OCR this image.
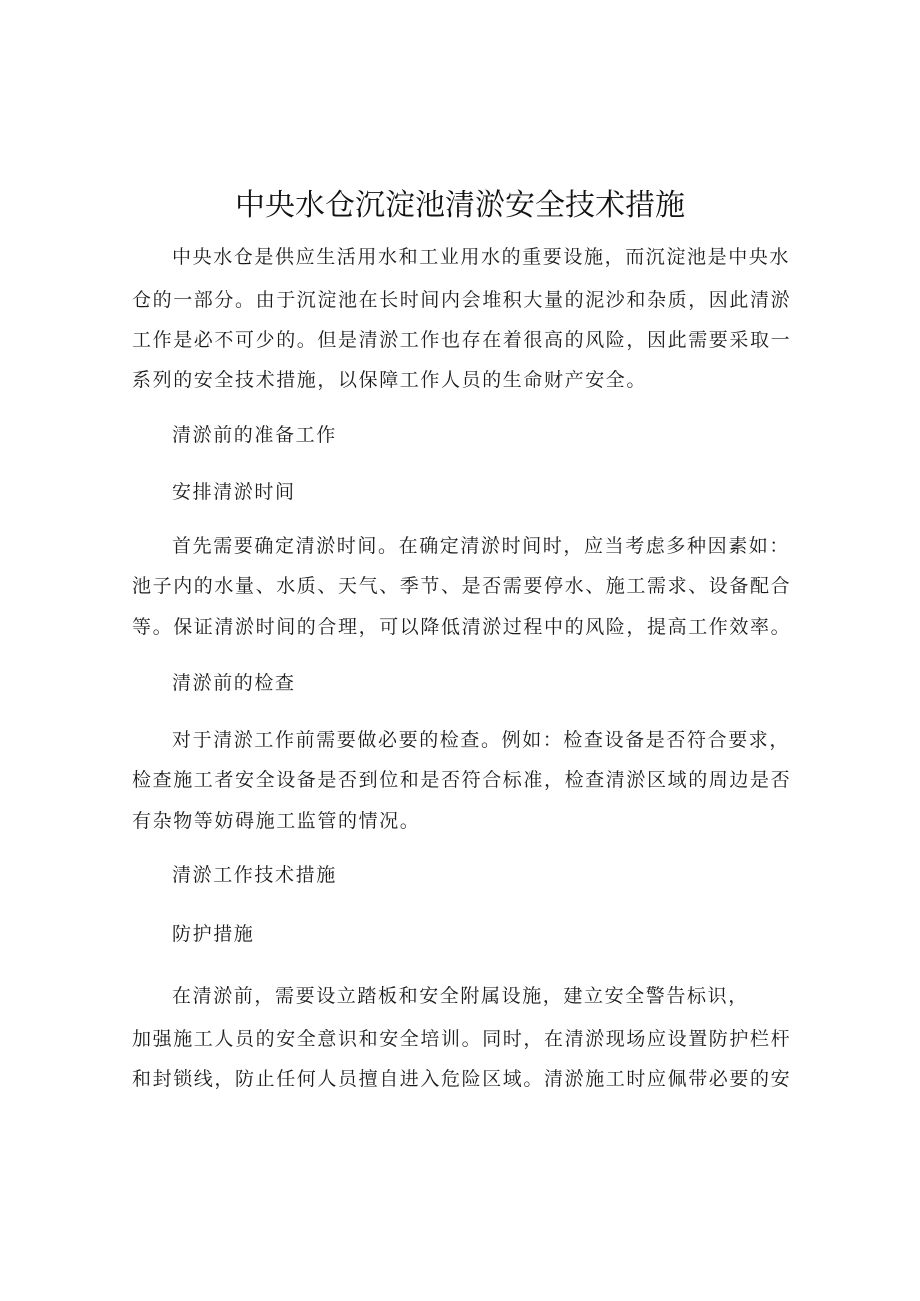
中央水仓沉淀池清淤安全技术措施

中央水仓是供应生活用水和工业用水的重要设施，而沉淀池是中央水

仓的一部分。由于沉淀池在长时间内会堆积大量的泥沙和杂质，因此清淤

工作是必不可少的。但是清淤工作也存在着很高的风险，因此需要采取一

系列的安全技术措施，以保障工作人员的生命财产安全。

清淤前的准备工作

安排清淤时间

首先需要确定清淤时间。在确定清淤时间时，应当考虑多种因素如：

池子内的水量、水质、天气、季节、是否需要停水、施工需求、设备配合

等。保证清淤时间的合理，可以降低清淤过程中的风险，提高工作效率。

清淤前的检查

对于清淤工作前需要做必要的检查。例如：检查设备是否符合要求，

检查施工者安全设备是否到位和是否符合标准，检查清淤区域的周边是否

有杂物等妨碍施工监管的情况。

清淤工作技术措施

防护措施

在清淤前，需要设立踏板和安全附属设施，建立安全警告标识，

加强施工人员的安全意识和安全培训。同时，在清淤现场应设置防护栏杆

和封锁线，防止任何人员擅自进入危险区域。清淤施工时应佩带必要的安
